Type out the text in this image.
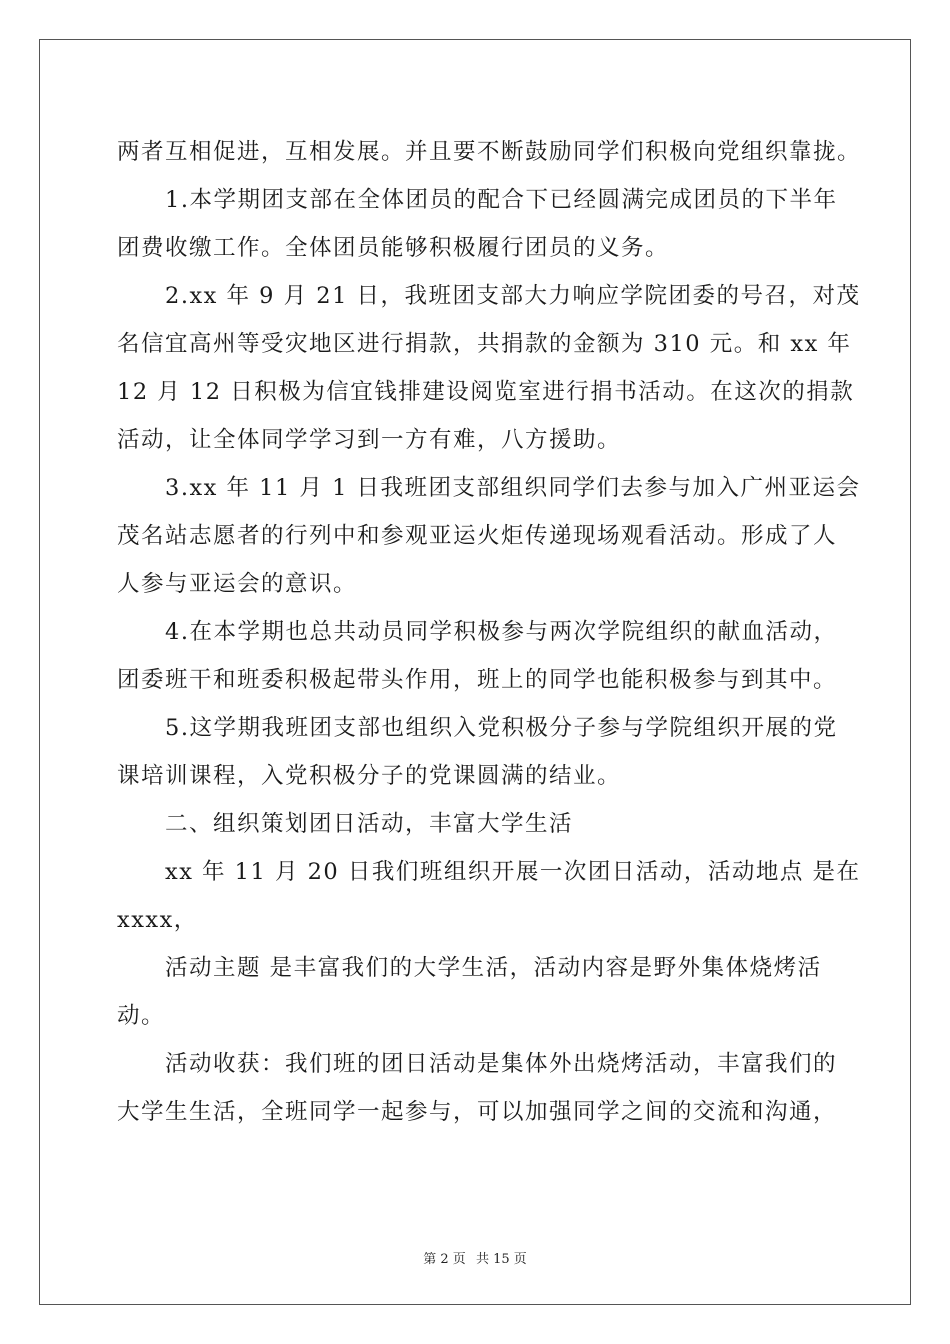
两者互相促进，互相发展。并且要不断鼓励同学们积极向党组织靠拢。
1.本学期团支部在全体团员的配合下已经圆满完成团员的下半年
团费收缴工作。全体团员能够积极履行团员的义务。
2.xx 年 9 月 21 日，我班团支部大力响应学院团委的号召，对茂
名信宜高州等受灾地区进行捐款，共捐款的金额为 310 元。和 xx 年
12 月 12 日积极为信宜钱排建设阅览室进行捐书活动。在这次的捐款
活动，让全体同学学习到一方有难，八方援助。
3.xx 年 11 月 1 日我班团支部组织同学们去参与加入广州亚运会
茂名站志愿者的行列中和参观亚运火炬传递现场观看活动。形成了人
人参与亚运会的意识。
4.在本学期也总共动员同学积极参与两次学院组织的献血活动，
团委班干和班委积极起带头作用，班上的同学也能积极参与到其中。
5.这学期我班团支部也组织入党积极分子参与学院组织开展的党
课培训课程，入党积极分子的党课圆满的结业。
二、组织策划团日活动，丰富大学生活
xx 年 11 月 20 日我们班组织开展一次团日活动，活动地点 是在
xxxx，
活动主题 是丰富我们的大学生活，活动内容是野外集体烧烤活
动。
活动收获：我们班的团日活动是集体外出烧烤活动，丰富我们的
大学生生活，全班同学一起参与，可以加强同学之间的交流和沟通，
第 2 页 共 15 页
